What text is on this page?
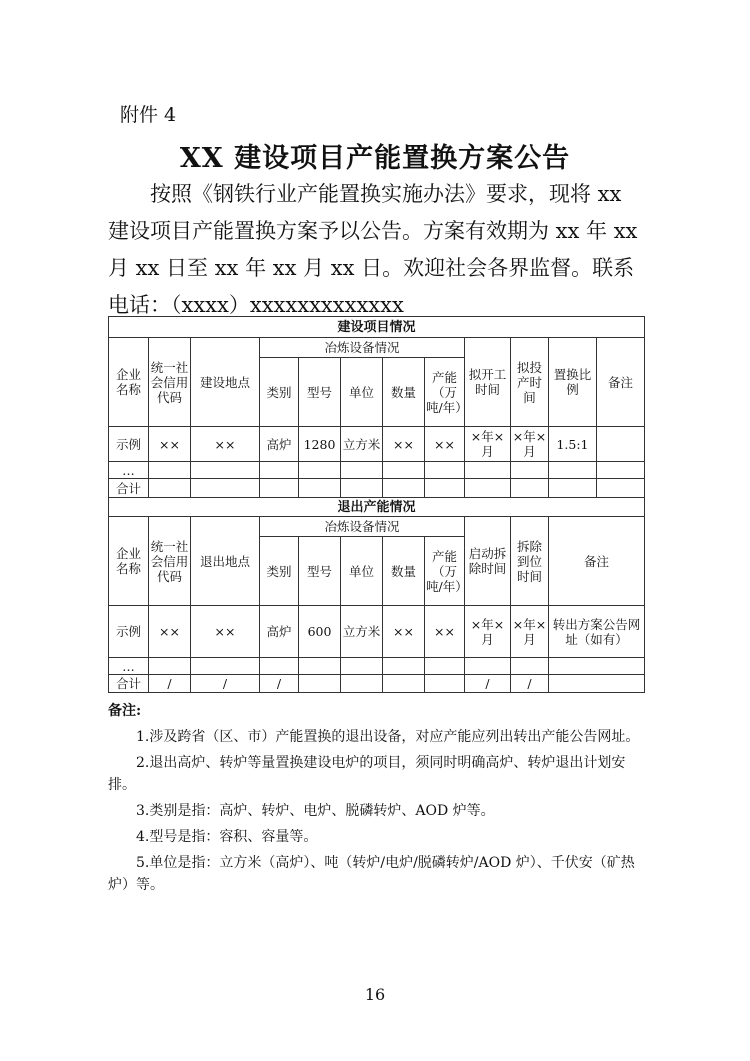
附件 4
XX 建设项目产能置换方案公告

按照《钢铁行业产能置换实施办法》要求，现将 xx 建设项目产能置换方案予以公告。方案有效期为 xx 年 xx 月 xx 日至 xx 年 xx 月 xx 日。欢迎社会各界监督。联系电话：（xxxx）xxxxxxxxxxxxx

建设项目情况											
企业名称	统一社会信用代码	建设地点	冶炼设备情况					拟开工时间	拟投产时间	置换比例	备注
			类别	型号	单位	数量	产能（万吨/年）				
示例	××	××	高炉	1280	立方米	××	××	×年×月	×年×月	1.5:1	
…											
合计											
退出产能情况											
企业名称	统一社会信用代码	退出地点	冶炼设备情况					启动拆除时间	拆除到位时间	备注	
			类别	型号	单位	数量	产能（万吨/年）				
示例	××	××	高炉	600	立方米	××	××	×年×月	×年×月	转出方案公告网址（如有）	
…											
合计	/	/	/					/	/		
备注:

1.涉及跨省（区、市）产能置换的退出设备，对应产能应列出转出产能公告网址。

2.退出高炉、转炉等量置换建设电炉的项目，须同时明确高炉、转炉退出计划安排。

3.类别是指：高炉、转炉、电炉、脱磷转炉、AOD 炉等。

4.型号是指：容积、容量等。

5.单位是指：立方米（高炉）、吨（转炉/电炉/脱磷转炉/AOD 炉）、千伏安（矿热炉）等。

16
